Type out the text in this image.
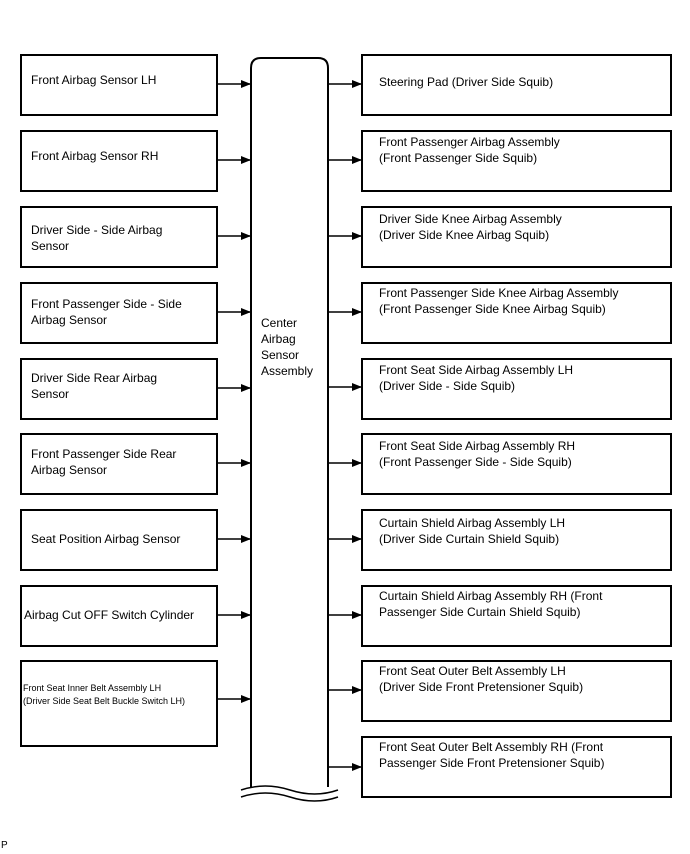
Center
Airbag
Sensor
Assembly
Front Airbag Sensor LH
Front Airbag Sensor RH
Driver Side - Side Airbag
Sensor
Front Passenger Side - Side
Airbag Sensor
Driver Side Rear Airbag
Sensor
Front Passenger Side Rear
Airbag Sensor
Seat Position Airbag Sensor
Airbag Cut OFF Switch Cylinder
Front Seat Inner Belt Assembly LH
(Driver Side Seat Belt Buckle Switch LH)
Steering Pad (Driver Side Squib)
Front Passenger Airbag Assembly
(Front Passenger Side Squib)
Driver Side Knee Airbag Assembly
(Driver Side Knee Airbag Squib)
Front Passenger Side Knee Airbag Assembly
(Front Passenger Side Knee Airbag Squib)
Front Seat Side Airbag Assembly LH
(Driver Side - Side Squib)
Front Seat Side Airbag Assembly RH
(Front Passenger Side - Side Squib)
Curtain Shield Airbag Assembly LH
(Driver Side Curtain Shield Squib)
Curtain Shield Airbag Assembly RH (Front
Passenger Side Curtain Shield Squib)
Front Seat Outer Belt Assembly LH
(Driver Side Front Pretensioner Squib)
Front Seat Outer Belt Assembly RH (Front
Passenger Side Front Pretensioner Squib)
P
